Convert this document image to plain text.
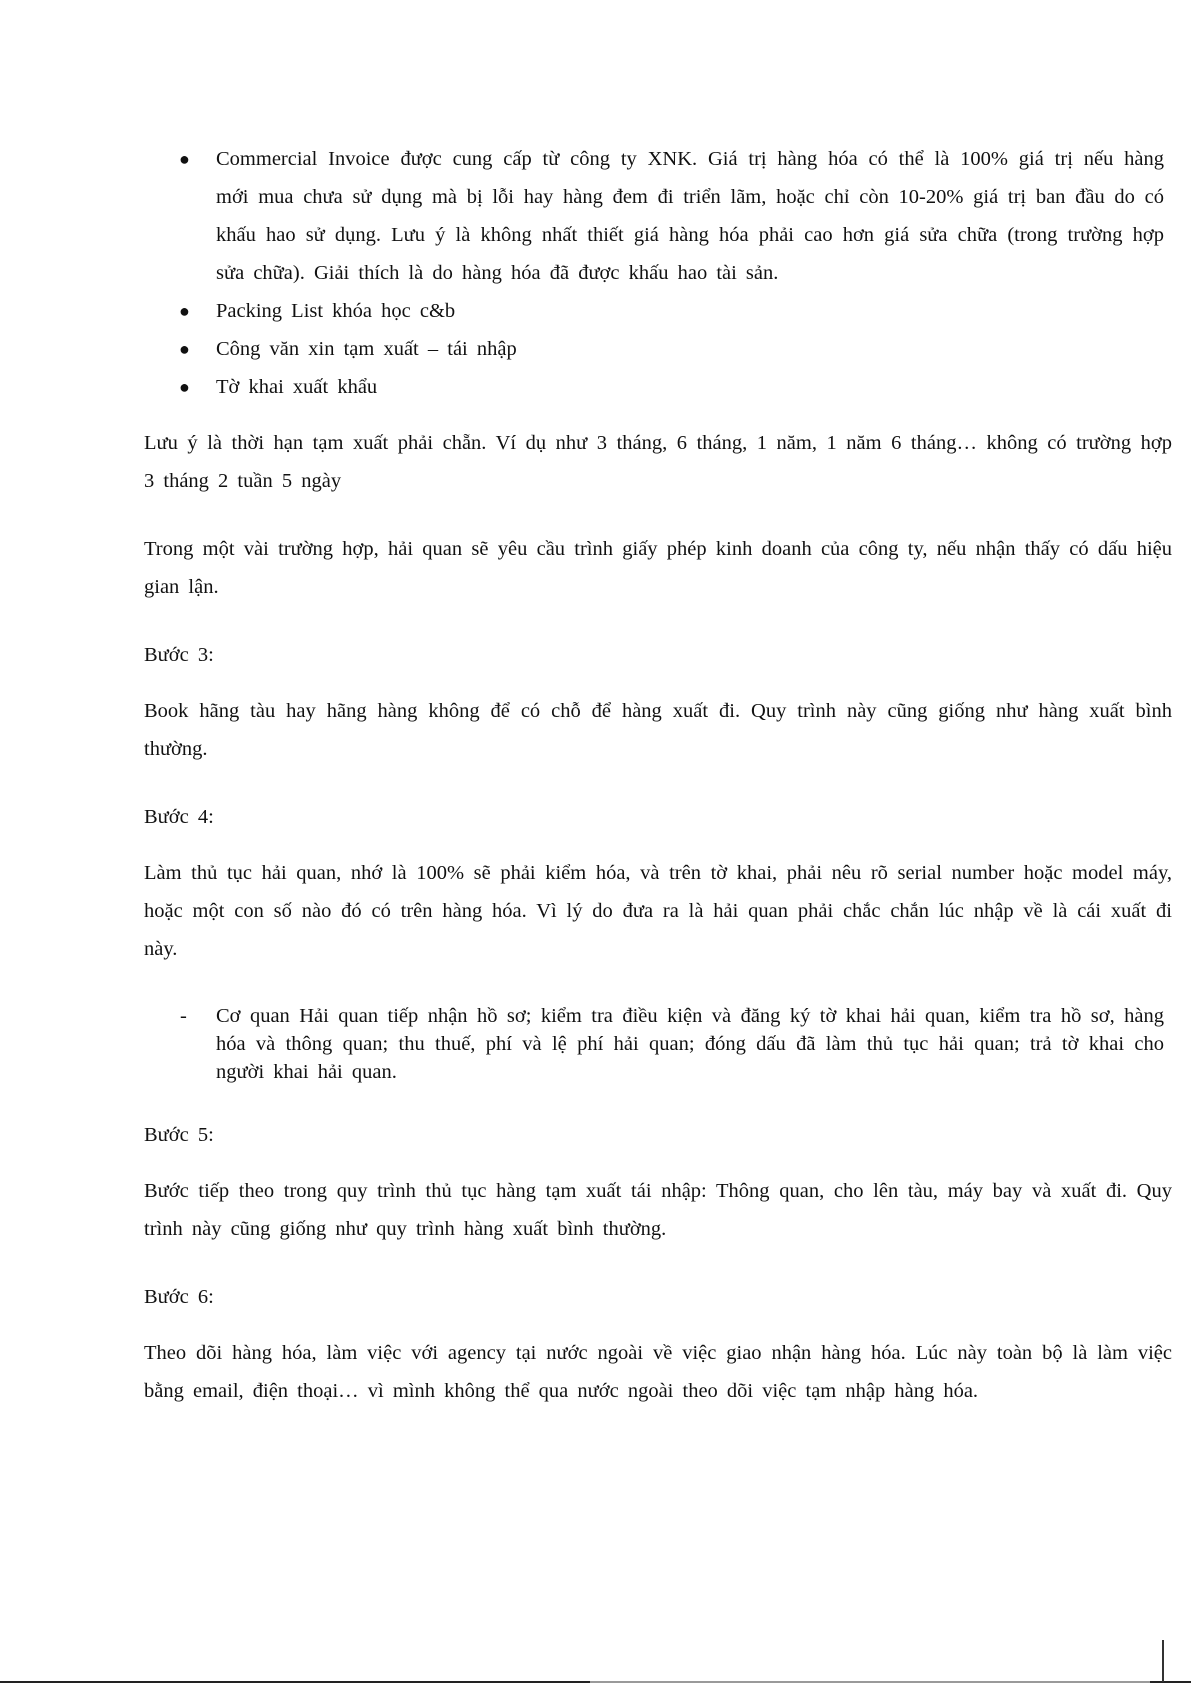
● Commercial Invoice được cung cấp từ công ty XNK. Giá trị hàng hóa có thể là 100% giá trị nếu hàng mới mua chưa sử dụng mà bị lỗi hay hàng đem đi triển lãm, hoặc chỉ còn 10-20% giá trị ban đầu do có khấu hao sử dụng. Lưu ý là không nhất thiết giá hàng hóa phải cao hơn giá sửa chữa (trong trường hợp sửa chữa). Giải thích là do hàng hóa đã được khấu hao tài sản.
● Packing List khóa học c&b
● Công văn xin tạm xuất – tái nhập
● Tờ khai xuất khẩu

Lưu ý là thời hạn tạm xuất phải chẵn. Ví dụ như 3 tháng, 6 tháng, 1 năm, 1 năm 6 tháng… không có trường hợp 3 tháng 2 tuần 5 ngày

Trong một vài trường hợp, hải quan sẽ yêu cầu trình giấy phép kinh doanh của công ty, nếu nhận thấy có dấu hiệu gian lận.

Bước 3:

Book hãng tàu hay hãng hàng không để có chỗ để hàng xuất đi. Quy trình này cũng giống như hàng xuất bình thường.

Bước 4:

Làm thủ tục hải quan, nhớ là 100% sẽ phải kiểm hóa, và trên tờ khai, phải nêu rõ serial number hoặc model máy, hoặc một con số nào đó có trên hàng hóa. Vì lý do đưa ra là hải quan phải chắc chắn lúc nhập về là cái xuất đi này.

- Cơ quan Hải quan tiếp nhận hồ sơ; kiểm tra điều kiện và đăng ký tờ khai hải quan, kiểm tra hồ sơ, hàng hóa và thông quan; thu thuế, phí và lệ phí hải quan; đóng dấu đã làm thủ tục hải quan; trả tờ khai cho người khai hải quan.

Bước 5:

Bước tiếp theo trong quy trình thủ tục hàng tạm xuất tái nhập: Thông quan, cho lên tàu, máy bay và xuất đi. Quy trình này cũng giống như quy trình hàng xuất bình thường.

Bước 6:

Theo dõi hàng hóa, làm việc với agency tại nước ngoài về việc giao nhận hàng hóa. Lúc này toàn bộ là làm việc bằng email, điện thoại… vì mình không thể qua nước ngoài theo dõi việc tạm nhập hàng hóa.
